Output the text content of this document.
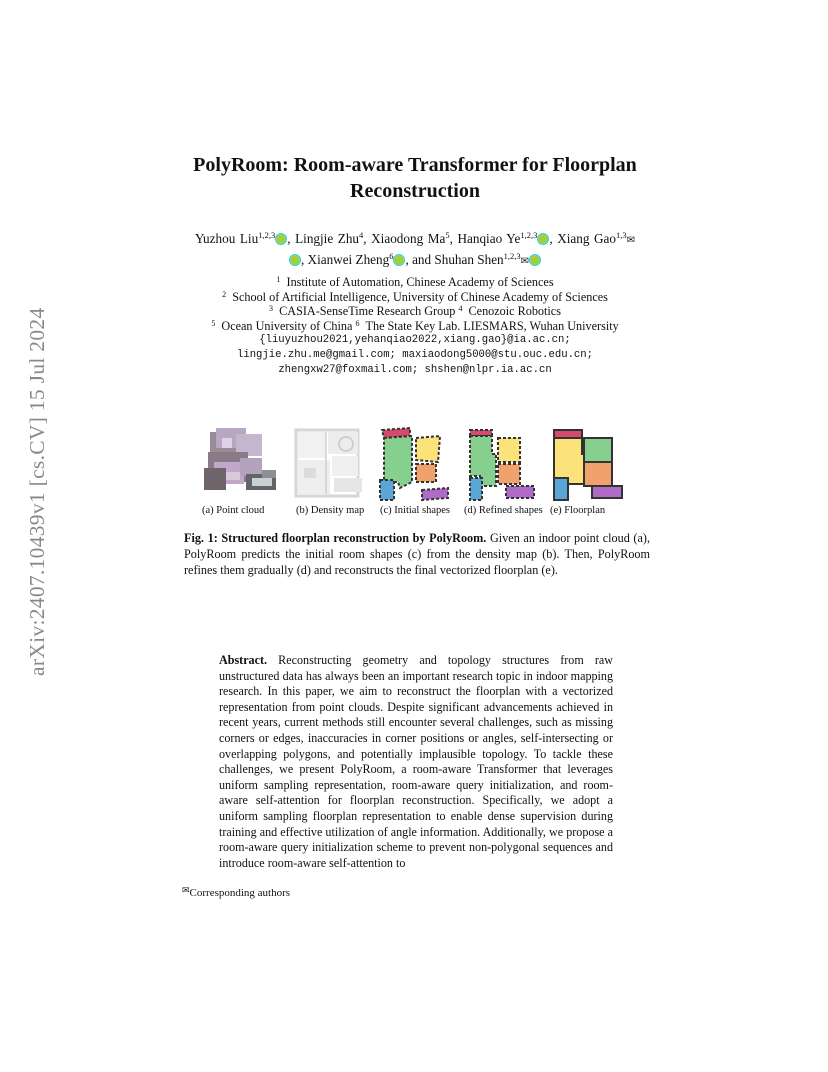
arXiv:2407.10439v1 [cs.CV] 15 Jul 2024
PolyRoom: Room-aware Transformer for Floorplan Reconstruction
Yuzhou Liu$^{1,2,3}$ , Lingjie Zhu$^4$, Xiaodong Ma$^5$, Hanqiao Ye$^{1,2,3}$ , Xiang Gao$^{1,3}$✉, Xianwei Zheng$^6$ , and Shuhan Shen$^{1,2,3}$✉
$^1$ Institute of Automation, Chinese Academy of Sciences
$^2$ School of Artificial Intelligence, University of Chinese Academy of Sciences
$^3$ CASIA-SenseTime Research Group $^4$ Cenozoic Robotics
$^5$ Ocean University of China $^6$ The State Key Lab. LIESMARS, Wuhan University
{liuyuzhou2021,yehanqiao2022,xiang.gao}@ia.ac.cn;
lingjie.zhu.me@gmail.com; maxiaodong5000@stu.ouc.edu.cn;
zhengxw27@foxmail.com; shshen@nlpr.ia.ac.cn
(a) Point cloud	(b) Density map (c) Initial shapes (d) Refined shapes (e) Floorplan
Fig. 1: Structured floorplan reconstruction by PolyRoom. Given an indoor point cloud (a), PolyRoom predicts the initial room shapes (c) from the density map (b). Then, PolyRoom refines them gradually (d) and reconstructs the final vectorized floorplan (e).
Abstract. Reconstructing geometry and topology structures from raw unstructured data has always been an important research topic in indoor mapping research. In this paper, we aim to reconstruct the floorplan with a vectorized representation from point clouds. Despite significant advancements achieved in recent years, current methods still encounter several challenges, such as missing corners or edges, inaccuracies in corner positions or angles, self-intersecting or overlapping polygons, and potentially implausible topology. To tackle these challenges, we present PolyRoom, a room-aware Transformer that leverages uniform sampling representation, room-aware query initialization, and room-aware self-attention for floorplan reconstruction. Specifically, we adopt a uniform sampling floorplan representation to enable dense supervision during training and effective utilization of angle information. Additionally, we propose a room-aware query initialization scheme to prevent non-polygonal sequences and introduce room-aware self-attention to
✉Corresponding authors
